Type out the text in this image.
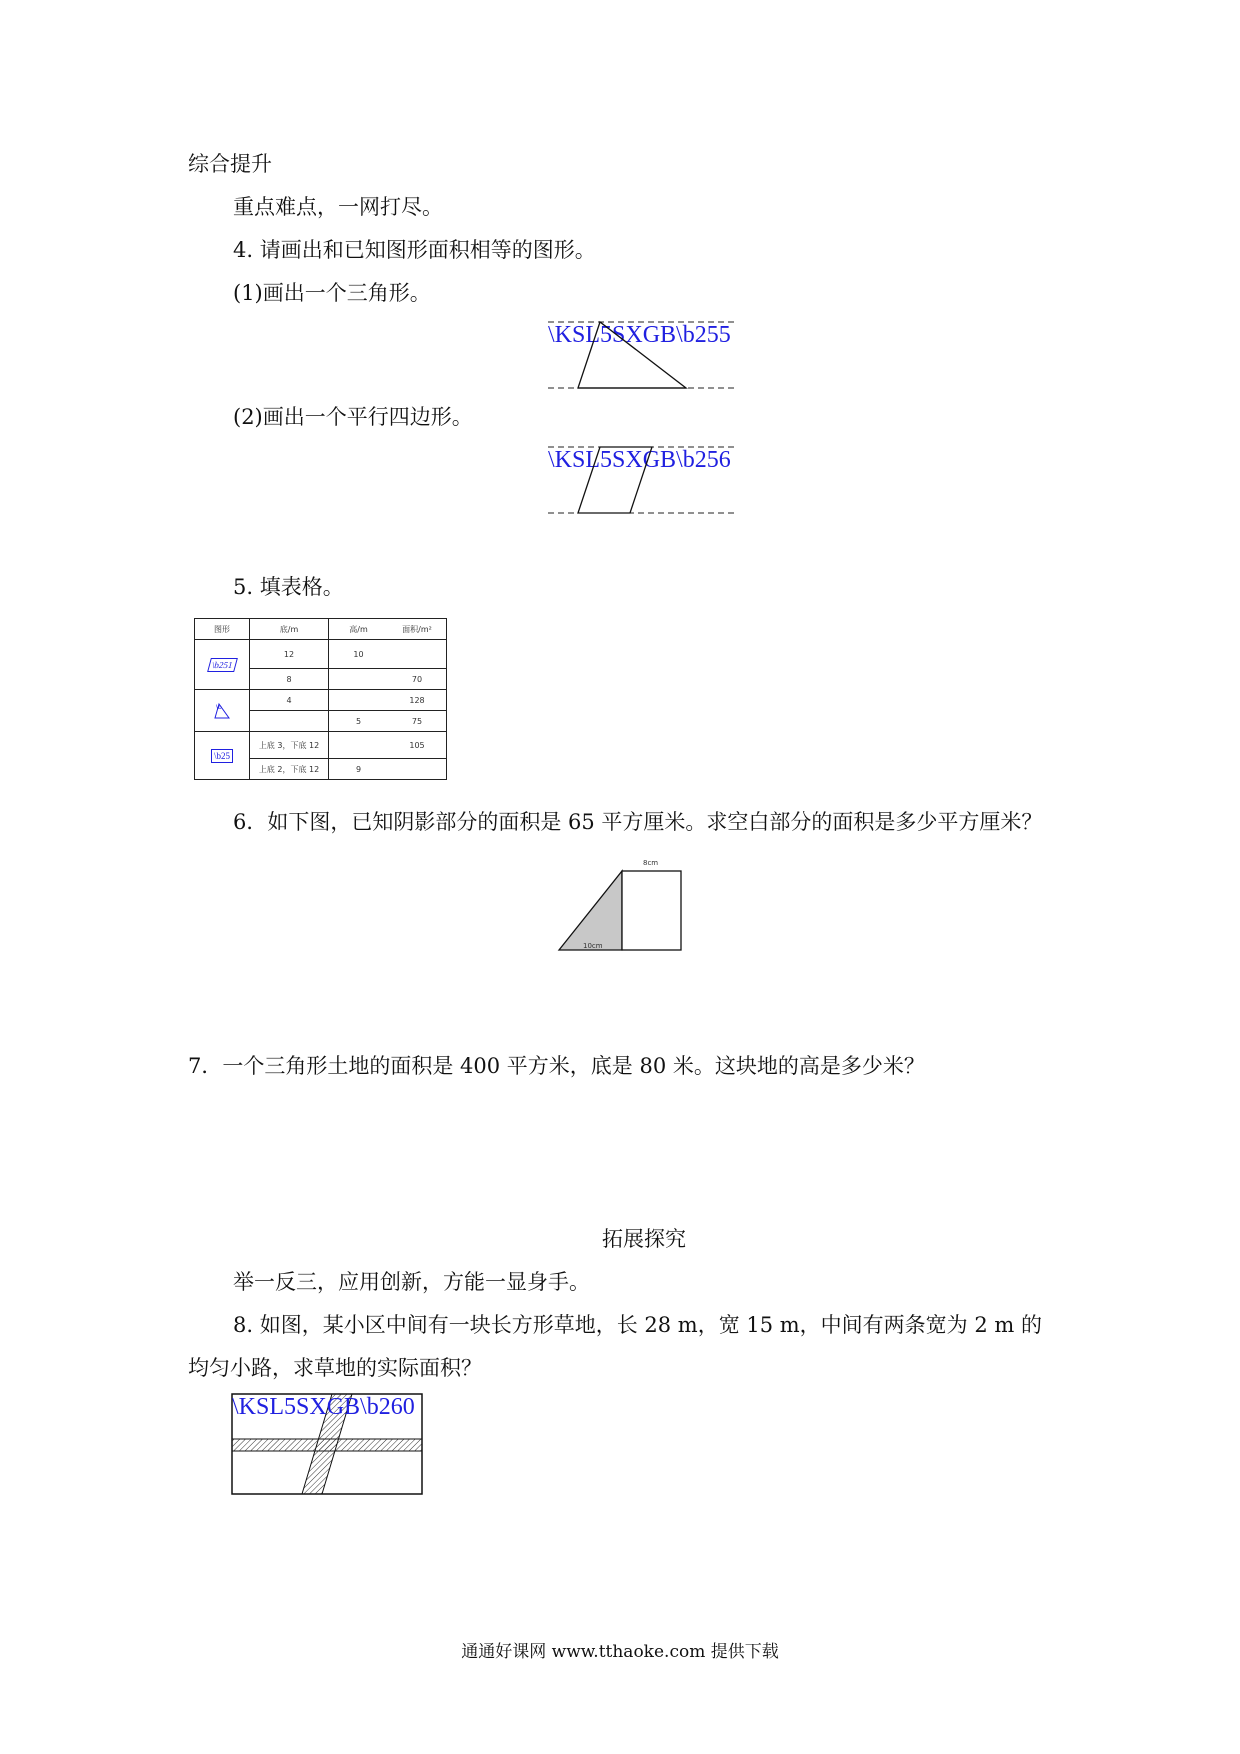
综合提升
重点难点，一网打尽。
4. 请画出和已知图形面积相等的图形。
(1)画出一个三角形。
\KSL5SXGB\b255
(2)画出一个平行四边形。
\KSL5SXGB\b256
5. 填表格。
图形	底/m	高/m	面积/m²
\b251	12	10	
	8		70

\b	4		128
		5	75
\b25	上底 3，下底 12		105
	上底 2，下底 12	9	
6．如下图，已知阴影部分的面积是 65 平方厘米。求空白部分的面积是多少平方厘米？
8cm
10cm
7．一个三角形土地的面积是 400 平方米，底是 80 米。这块地的高是多少米？
拓展探究
举一反三，应用创新，方能一显身手。
8. 如图，某小区中间有一块长方形草地，长 28 m，宽 15 m，中间有两条宽为 2 m 的
均匀小路，求草地的实际面积？
\KSL5SXGB\b260
通通好课网 www.tthaoke.com 提供下载
